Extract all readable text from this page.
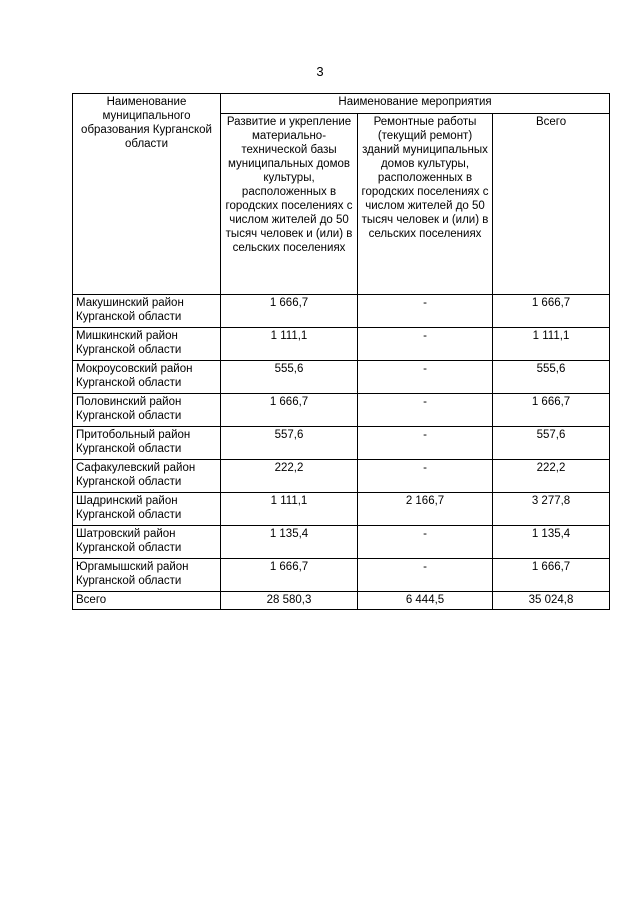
3
Наименование муниципального образования Курганской области	Наименование мероприятия		
	Развитие и укрепление материально-технической базы муниципальных домов культуры, расположенных в городских поселениях с числом жителей до 50 тысяч человек и (или) в сельских поселениях	Ремонтные работы (текущий ремонт) зданий муниципальных домов культуры, расположенных в городских поселениях с числом жителей до 50 тысяч человек и (или) в сельских поселениях	Всего
Макушинский район Курганской области	1 666,7	-	1 666,7
Мишкинский район Курганской области	1 111,1	-	1 111,1
Мокроусовский район Курганской области	555,6	-	555,6
Половинский район Курганской области	1 666,7	-	1 666,7
Притобольный район Курганской области	557,6	-	557,6
Сафакулевский район Курганской области	222,2	-	222,2
Шадринский район Курганской области	1 111,1	2 166,7	3 277,8
Шатровский район Курганской области	1 135,4	-	1 135,4
Юргамышский район Курганской области	1 666,7	-	1 666,7
Всего	28 580,3	6 444,5	35 024,8
